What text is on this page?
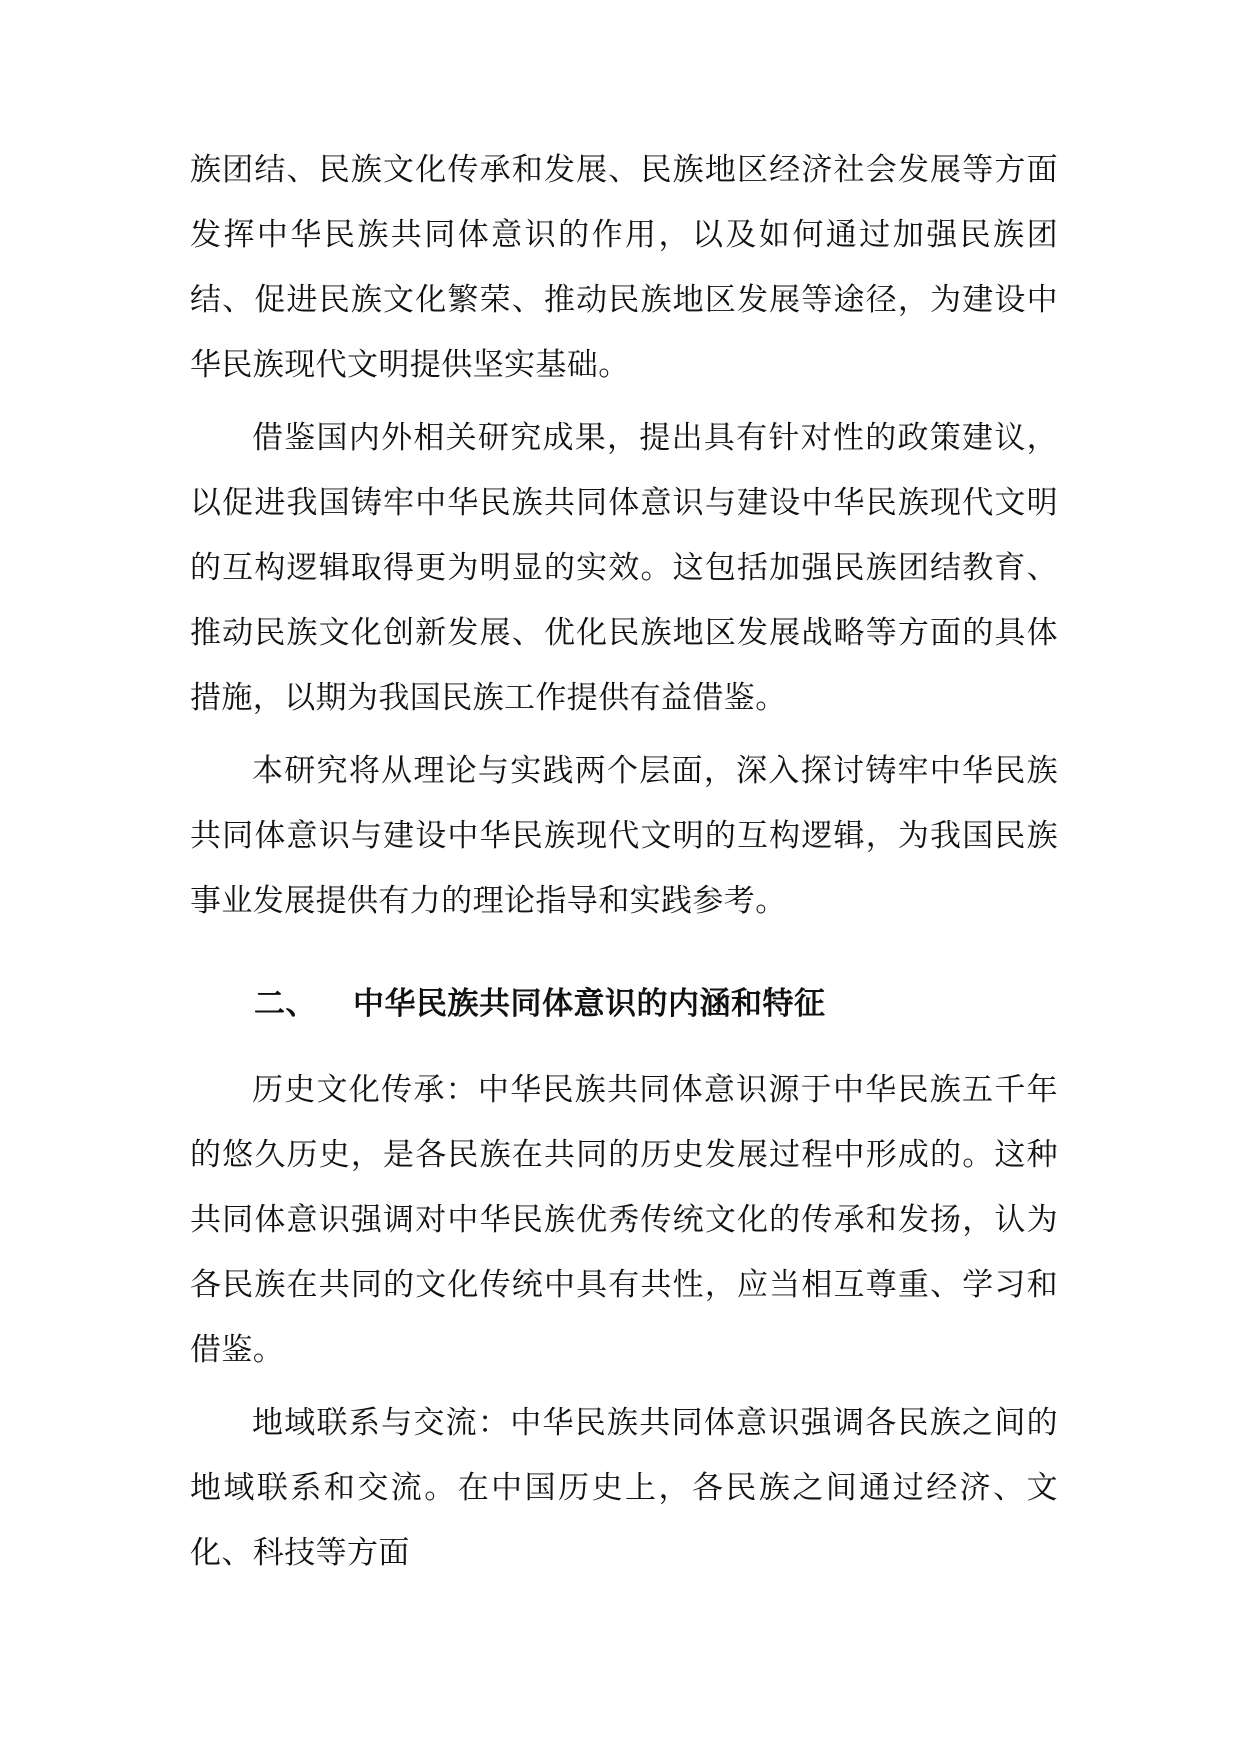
族团结、民族文化传承和发展、民族地区经济社会发展等方面发挥中华民族共同体意识的作用，以及如何通过加强民族团结、促进民族文化繁荣、推动民族地区发展等途径，为建设中华民族现代文明提供坚实基础。

借鉴国内外相关研究成果，提出具有针对性的政策建议，以促进我国铸牢中华民族共同体意识与建设中华民族现代文明的互构逻辑取得更为明显的实效。这包括加强民族团结教育、推动民族文化创新发展、优化民族地区发展战略等方面的具体措施，以期为我国民族工作提供有益借鉴。

本研究将从理论与实践两个层面，深入探讨铸牢中华民族共同体意识与建设中华民族现代文明的互构逻辑，为我国民族事业发展提供有力的理论指导和实践参考。

二、 中华民族共同体意识的内涵和特征

历史文化传承：中华民族共同体意识源于中华民族五千年的悠久历史，是各民族在共同的历史发展过程中形成的。这种共同体意识强调对中华民族优秀传统文化的传承和发扬，认为各民族在共同的文化传统中具有共性，应当相互尊重、学习和借鉴。

地域联系与交流：中华民族共同体意识强调各民族之间的地域联系和交流。在中国历史上，各民族之间通过经济、文化、科技等方面
